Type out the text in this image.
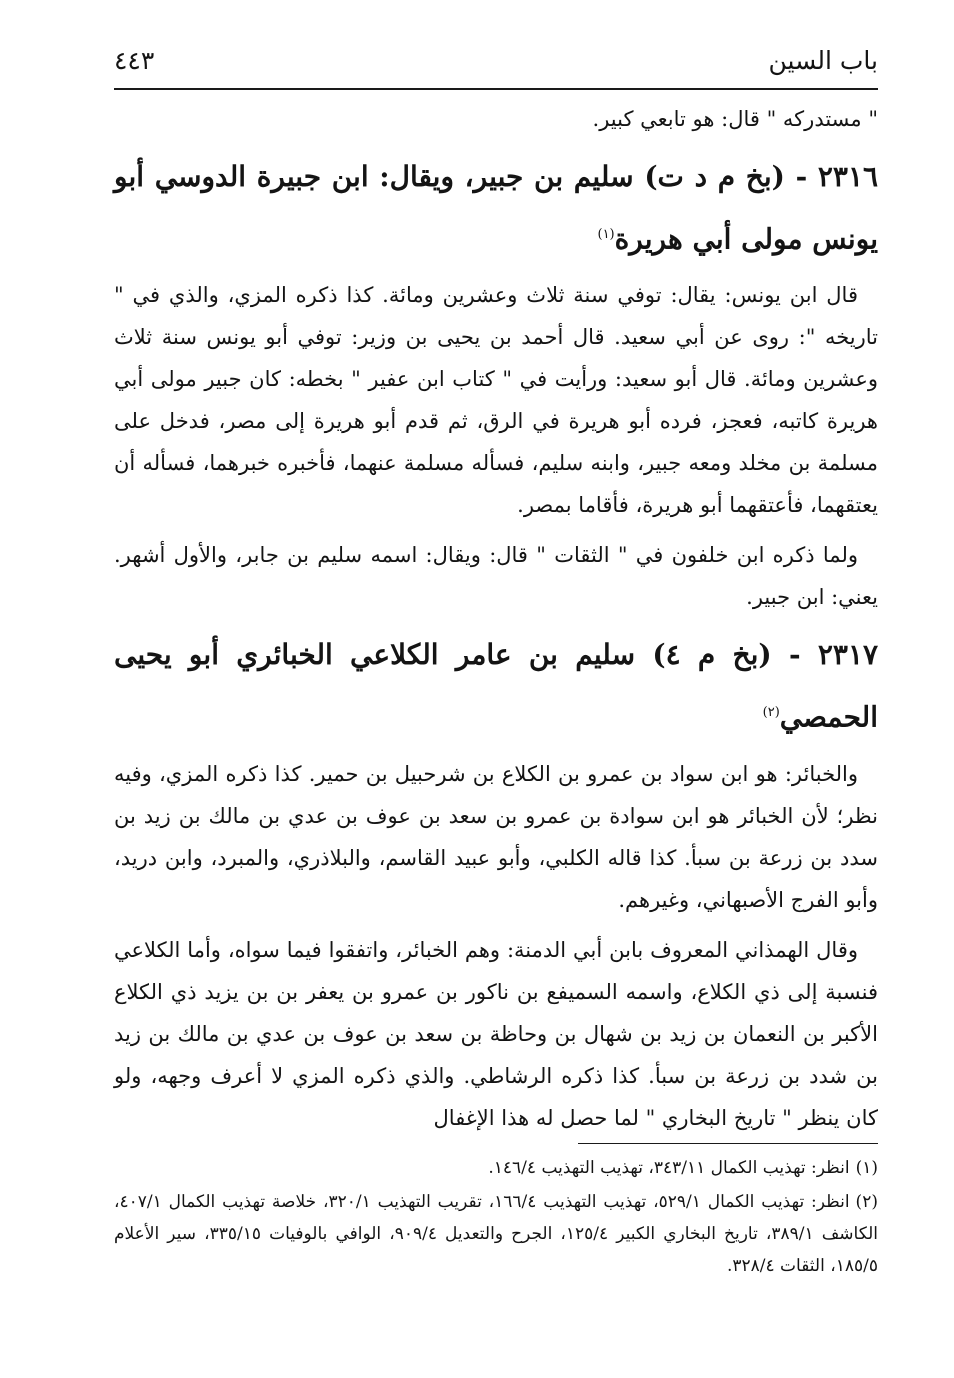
باب السين
٤٤٣

" مستدركه " قال: هو تابعي كبير.

٢٣١٦ - (بخ م د ت) سليم بن جبير، ويقال: ابن جبيرة الدوسي أبو يونس مولى أبي هريرة$^{(١)}$

قال ابن يونس: يقال: توفي سنة ثلاث وعشرين ومائة. كذا ذكره المزي، والذي في " تاريخه ": روى عن أبي سعيد. قال أحمد بن يحيى بن وزير: توفي أبو يونس سنة ثلاث وعشرين ومائة. قال أبو سعيد: ورأيت في " كتاب ابن عفير " بخطه: كان جبير مولى أبي هريرة كاتبه، فعجز، فرده أبو هريرة في الرق، ثم قدم أبو هريرة إلى مصر، فدخل على مسلمة بن مخلد ومعه جبير، وابنه سليم، فسأله مسلمة عنهما، فأخبره خبرهما، فسأله أن يعتقهما، فأعتقهما أبو هريرة، فأقاما بمصر.

ولما ذكره ابن خلفون في " الثقات " قال: ويقال: اسمه سليم بن جابر، والأول أشهر. يعني: ابن جبير.

٢٣١٧ - (بخ م ٤) سليم بن عامر الكلاعي الخبائري أبو يحيى الحمصي$^{(٢)}$

والخبائر: هو ابن سواد بن عمرو بن الكلاع بن شرحبيل بن حمير. كذا ذكره المزي، وفيه نظر؛ لأن الخبائر هو ابن سوادة بن عمرو بن سعد بن عوف بن عدي بن مالك بن زيد بن سدد بن زرعة بن سبأ. كذا قاله الكلبي، وأبو عبيد القاسم، والبلاذري، والمبرد، وابن دريد، وأبو الفرج الأصبهاني، وغيرهم.

وقال الهمذاني المعروف بابن أبي الدمنة: وهم الخبائر، واتفقوا فيما سواه، وأما الكلاعي فنسبة إلى ذي الكلاع، واسمه السميفع بن ناكور بن عمرو بن يعفر بن بن يزيد ذي الكلاع الأكبر بن النعمان بن زيد بن شهال بن وحاظة بن سعد بن عوف بن عدي بن مالك بن زيد بن شدد بن زرعة بن سبأ. كذا ذكره الرشاطي. والذي ذكره المزي لا أعرف وجهه، ولو كان ينظر " تاريخ البخاري " لما حصل له هذا الإغفال

(١)انظر: تهذيب الكمال ٣٤٣/١١، تهذيب التهذيب ١٤٦/٤.

(٢)انظر: تهذيب الكمال ٥٢٩/١، تهذيب التهذيب ١٦٦/٤، تقريب التهذيب ٣٢٠/١، خلاصة تهذيب الكمال ٤٠٧/١، الكاشف ٣٨٩/١، تاريخ البخاري الكبير ١٢٥/٤، الجرح والتعديل ٩٠٩/٤، الوافي بالوفيات ٣٣٥/١٥، سير الأعلام ١٨٥/٥، الثقات ٣٢٨/٤.
